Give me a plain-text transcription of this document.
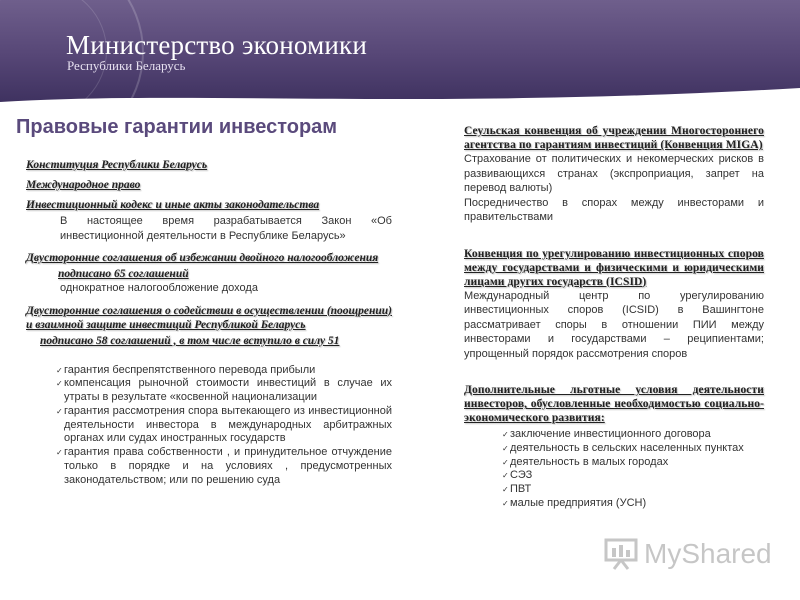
Министерство экономики
Республики Беларусь
Правовые гарантии инвесторам
Конституция Республики Беларусь
Международное право
Инвестиционный кодекс и иные акты законодательства
В настоящее время разрабатывается Закон «Об инвестиционной деятельности в Республике Беларусь»
Двусторонние соглашения об избежании двойного налогообложения
подписано 65 соглашений
однократное налогообложение дохода
Двусторонние соглашения о содействии в осуществлении (поощрении) и взаимной защите инвестиций Республикой Беларусь
подписано 58 соглашений , в том числе вступило в силу 51
✓ гарантия беспрепятственного перевода прибыли
✓ компенсация рыночной стоимости инвестиций в случае их утраты в результате «косвенной национализации
✓ гарантия рассмотрения спора вытекающего из инвестиционной деятельности инвестора в международных арбитражных органах или судах иностранных государств
✓ гарантия права собственности , и принудительное отчуждение только в порядке и на условиях , предусмотренных законодательством; или по решению суда
Сеульская конвенция об учреждении Многостороннего агентства по гарантиям инвестиций (Конвенция MIGA)
Страхование от политических и некомерческих рисков в развивающихся странах (экспроприация, запрет на перевод валюты)
Посредничество в спорах между инвесторами и правительствами
Конвенция по урегулированию инвестиционных споров между государствами и физическими и юридическими лицами других государств (ICSID)
Международный центр по урегулированию инвестиционных споров (ICSID) в Вашингтоне рассматривает споры в отношении ПИИ между инвесторами и государствами – реципиентами; упрощенный порядок рассмотрения споров
Дополнительные льготные условия деятельности инвесторов, обусловленные необходимостью социально-экономического развития:
✓ заключение инвестиционного договора
✓ деятельность в сельских населенных пунктах
✓ деятельность в малых городах
✓ СЭЗ
✓ ПВТ
✓ малые предприятия (УСН)
MyShared
